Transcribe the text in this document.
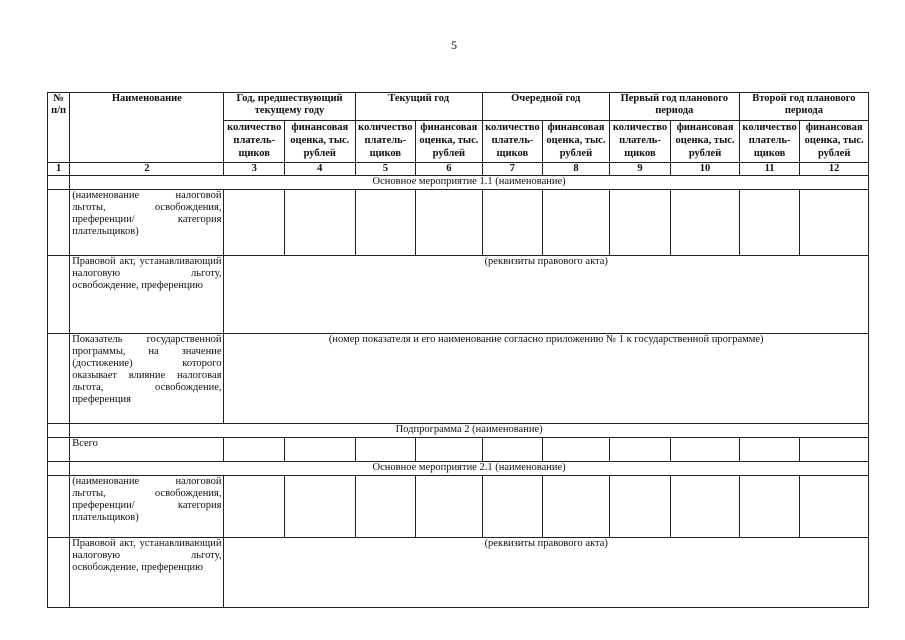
5
№ п/п	Наименование	Год, предшествующий текущему году		Текущий год		Очередной год		Первый год планового периода		Второй год планового периода	
		количество платель-щиков	финансовая оценка, тыс. рублей	количество платель-щиков	финансовая оценка, тыс. рублей	количество платель-щиков	финансовая оценка, тыс. рублей	количество платель-щиков	финансовая оценка, тыс. рублей	количество платель-щиков	финансовая оценка, тыс. рублей
1	2	3	4	5	6	7	8	9	10	11	12
	Основное мероприятие 1.1 (наименование)										
	(наименование налоговой льготы, освобождения, преференции/ категория плательщиков)										
	Правовой акт, устанавливающий налоговую льготу, освобождение, преференцию	(реквизиты правового акта)									
	Показатель государственной программы, на значение (достижение) которого оказывает влияние налоговая льгота, освобождение, преференция	(номер показателя и его наименование согласно приложению № 1 к государственной программе)									
	Подпрограмма 2 (наименование)										
	Всего										
	Основное мероприятие 2.1 (наименование)										
	(наименование налоговой льготы, освобождения, преференции/ категория плательщиков)										
	Правовой акт, устанавливающий налоговую льготу, освобождение, преференцию	(реквизиты правового акта)									
